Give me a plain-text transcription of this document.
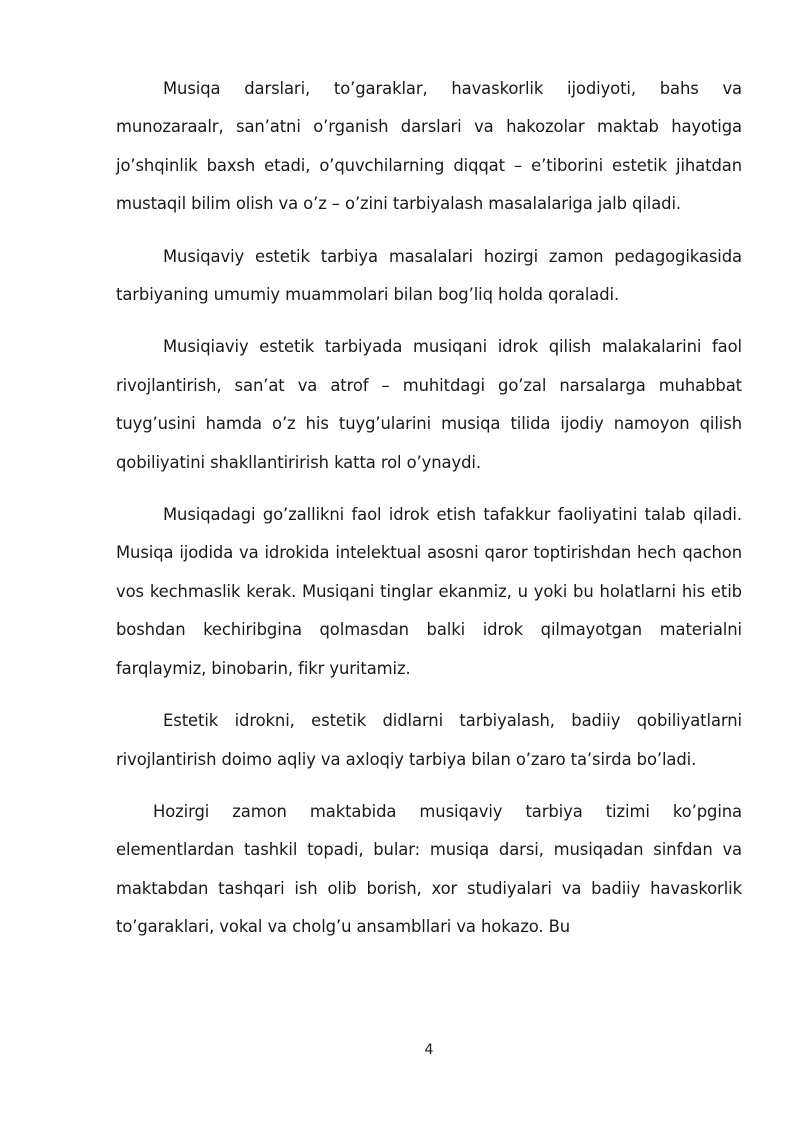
Musiqa darslari, to’garaklar, havaskorlik ijodiyoti, bahs va munozaraalr, san’atni o’rganish darslari va hakozolar maktab hayotiga jo’shqinlik baxsh etadi, o’quvchilarning diqqat – e’tiborini estetik jihatdan mustaqil bilim olish va o’z – o’zini tarbiyalash masalalariga jalb qiladi.

Musiqaviy estetik tarbiya masalalari hozirgi zamon pedagogikasida tarbiyaning umumiy muammolari bilan bog’liq holda qoraladi.

Musiqiaviy estetik tarbiyada musiqani idrok qilish malakalarini faol rivojlantirish, san’at va atrof – muhitdagi go’zal narsalarga muhabbat tuyg’usini hamda o’z his tuyg’ularini musiqa tilida ijodiy namoyon qilish qobiliyatini shakllantirirish katta rol o’ynaydi.

Musiqadagi go’zallikni faol idrok etish tafakkur faoliyatini talab qiladi. Musiqa ijodida va idrokida intelektual asosni qaror toptirishdan hech qachon vos kechmaslik kerak. Musiqani tinglar ekanmiz, u yoki bu holatlarni his etib boshdan kechiribgina qolmasdan balki idrok qilmayotgan materialni farqlaymiz, binobarin, fikr yuritamiz.

Estetik idrokni, estetik didlarni tarbiyalash, badiiy qobiliyatlarni rivojlantirish doimo aqliy va axloqiy tarbiya bilan o’zaro ta’sirda bo’ladi.

Hozirgi zamon maktabida musiqaviy tarbiya tizimi ko’pgina elementlardan tashkil topadi, bular: musiqa darsi, musiqadan sinfdan va maktabdan tashqari ish olib borish, xor studiyalari va badiiy havaskorlik to’garaklari, vokal va cholg’u ansambllari va hokazo. Bu

4
